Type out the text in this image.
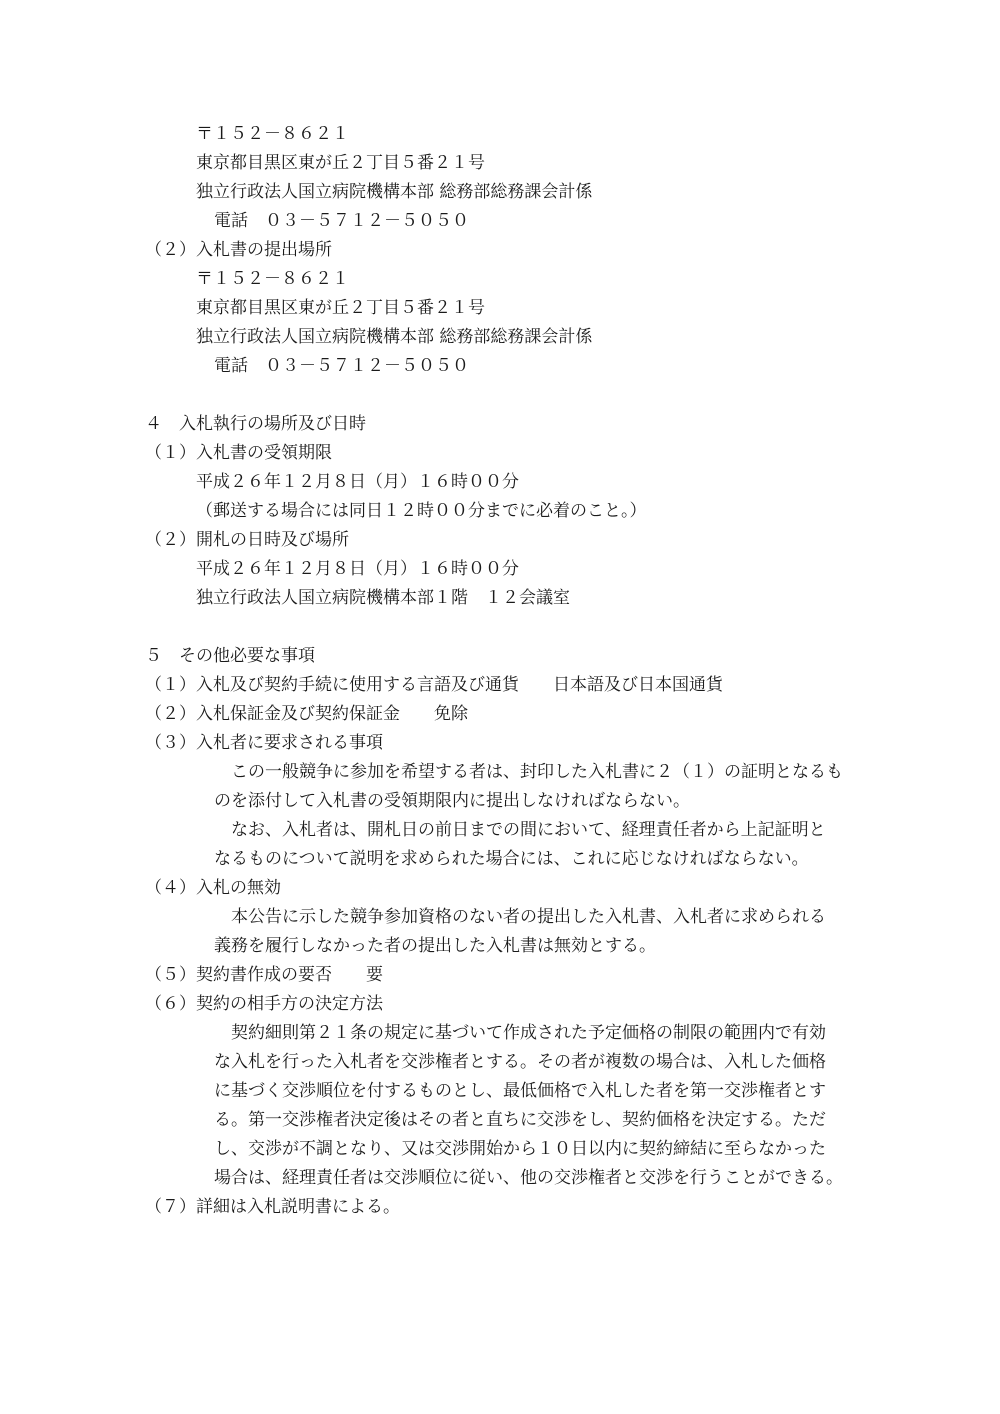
〒１５２－８６２１
東京都目黒区東が丘２丁目５番２１号
独立行政法人国立病院機構本部 総務部総務課会計係
電話　０３－５７１２－５０５０
（２）入札書の提出場所
〒１５２－８６２１
東京都目黒区東が丘２丁目５番２１号
独立行政法人国立病院機構本部 総務部総務課会計係
電話　０３－５７１２－５０５０
４　入札執行の場所及び日時
（１）入札書の受領期限
平成２６年１２月８日（月）１６時００分
（郵送する場合には同日１２時００分までに必着のこと。）
（２）開札の日時及び場所
平成２６年１２月８日（月）１６時００分
独立行政法人国立病院機構本部１階　１２会議室
５　その他必要な事項
（１）入札及び契約手続に使用する言語及び通貨　　日本語及び日本国通貨
（２）入札保証金及び契約保証金　　免除
（３）入札者に要求される事項
この一般競争に参加を希望する者は、封印した入札書に２（１）の証明となるも
のを添付して入札書の受領期限内に提出しなければならない。
なお、入札者は、開札日の前日までの間において、経理責任者から上記証明と
なるものについて説明を求められた場合には、これに応じなければならない。
（４）入札の無効
本公告に示した競争参加資格のない者の提出した入札書、入札者に求められる
義務を履行しなかった者の提出した入札書は無効とする。
（５）契約書作成の要否　　要
（６）契約の相手方の決定方法
契約細則第２１条の規定に基づいて作成された予定価格の制限の範囲内で有効
な入札を行った入札者を交渉権者とする。その者が複数の場合は、入札した価格
に基づく交渉順位を付するものとし、最低価格で入札した者を第一交渉権者とす
る。第一交渉権者決定後はその者と直ちに交渉をし、契約価格を決定する。ただ
し、交渉が不調となり、又は交渉開始から１０日以内に契約締結に至らなかった
場合は、経理責任者は交渉順位に従い、他の交渉権者と交渉を行うことができる。
（７）詳細は入札説明書による。
